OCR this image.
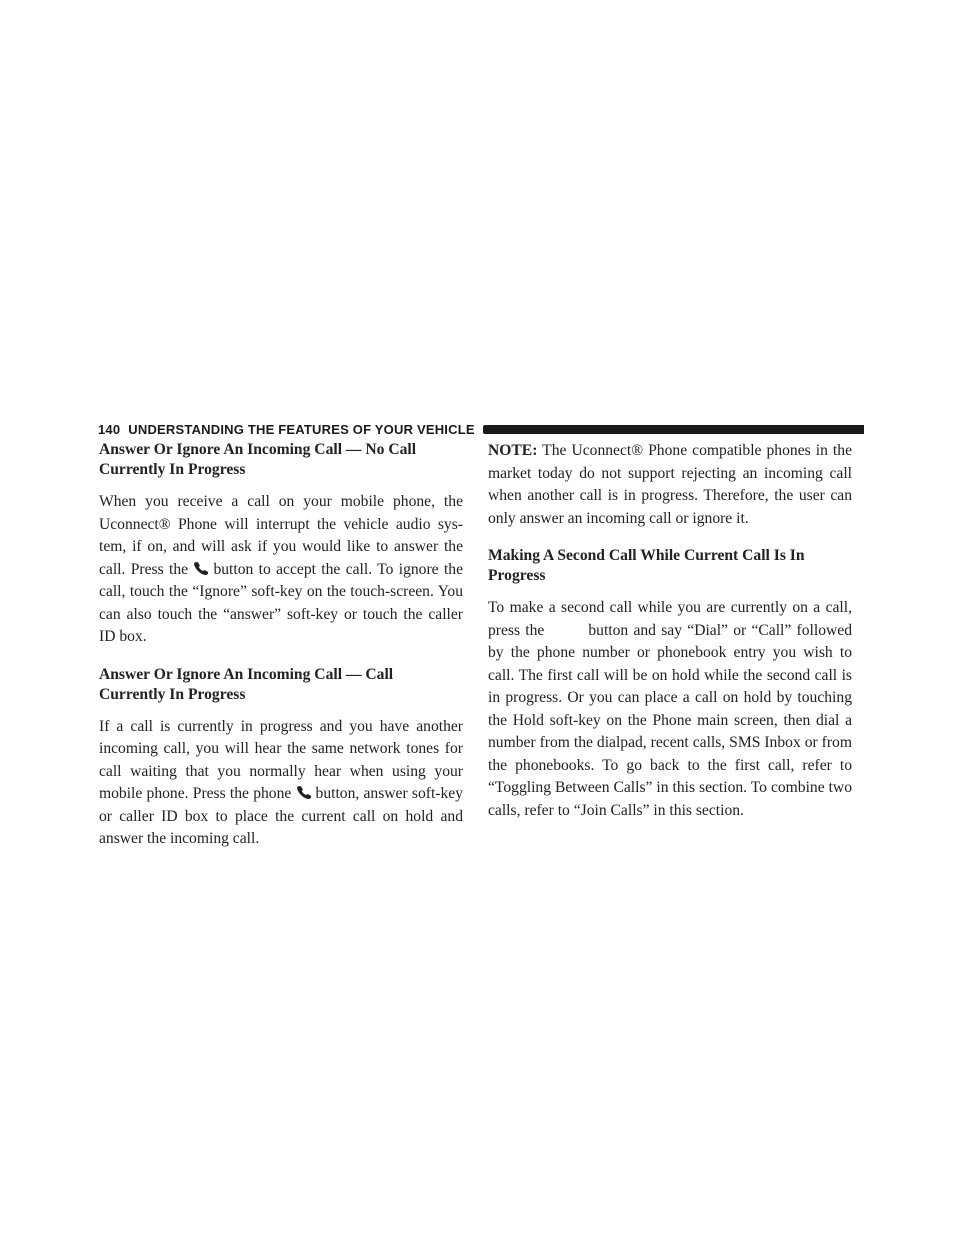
140 UNDERSTANDING THE FEATURES OF YOUR VEHICLE
Answer Or Ignore An Incoming Call — No Call Currently In Progress

When you receive a call on your mobile phone, the Uconnect® Phone will interrupt the vehicle audio sys-tem, if on, and will ask if you would like to answer the call. Press the button to accept the call. To ignore the call, touch the “Ignore” soft-key on the touch-screen. You can also touch the “answer” soft-key or touch the caller ID box.

Answer Or Ignore An Incoming Call — Call Currently In Progress

If a call is currently in progress and you have another incoming call, you will hear the same network tones for call waiting that you normally hear when using your mobile phone. Press the phone button, answer soft-key or caller ID box to place the current call on hold and answer the incoming call.

NOTE: The Uconnect® Phone compatible phones in the market today do not support rejecting an incoming call when another call is in progress. Therefore, the user can only answer an incoming call or ignore it.

Making A Second Call While Current Call Is In Progress

To make a second call while you are currently on a call, press the	button and say “Dial” or “Call” followed by the phone number or phonebook entry you wish to call. The first call will be on hold while the second call is in progress. Or you can place a call on hold by touching the Hold soft-key on the Phone main screen, then dial a number from the dialpad, recent calls, SMS Inbox or from the phonebooks. To go back to the first call, refer to “Toggling Between Calls” in this section. To combine two calls, refer to “Join Calls” in this section.
